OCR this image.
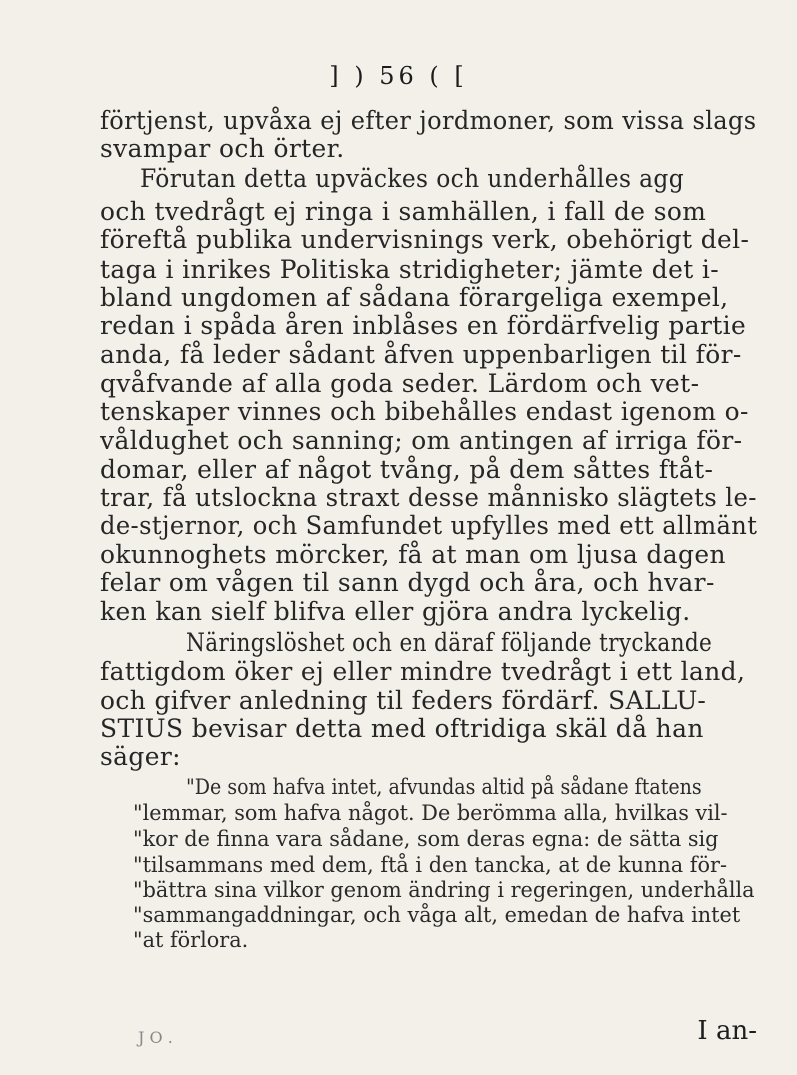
] ) 56 ( [
förtjenst, upvåxa ej efter jordmoner, som vissa slags
svampar och örter.
Förutan detta upväckes och underhålles agg
och tvedrågt ej ringa i samhällen, i fall de som
föreftå publika undervisnings verk, obehörigt del-
taga i inrikes Politiska stridigheter; jämte det i-
bland ungdomen af sådana förargeliga exempel,
redan i spåda åren inblåses en fördärfvelig partie
anda, få leder sådant åfven uppenbarligen til för-
qvåfvande af alla goda seder. Lärdom och vet-
tenskaper vinnes och bibehålles endast igenom o-
våldughet och sanning; om antingen af irriga för-
domar, eller af något tvång, på dem såttes ftåt-
trar, få utslockna straxt desse månnisko slägtets le-
de-stjernor, och Samfundet upfylles med ett allmänt
okunnoghets mörcker, få at man om ljusa dagen
felar om vågen til sann dygd och åra, och hvar-
ken kan sielf blifva eller gjöra andra lyckelig.
Näringslöshet och en däraf följande tryckande
fattigdom öker ej eller mindre tvedrågt i ett land,
och gifver anledning til feders fördärf. SALLU-
STIUS bevisar detta med oftridiga skäl då han
säger:
"De som hafva intet, afvundas altid på sådane ftatens
"lemmar, som hafva något. De berömma alla, hvilkas vil-
"kor de finna vara sådane, som deras egna: de sätta sig
"tilsammans med dem, ftå i den tancka, at de kunna för-
"bättra sina vilkor genom ändring i regeringen, underhålla
"sammangaddningar, och våga alt, emedan de hafva intet
"at förlora.
J O .	I an-
